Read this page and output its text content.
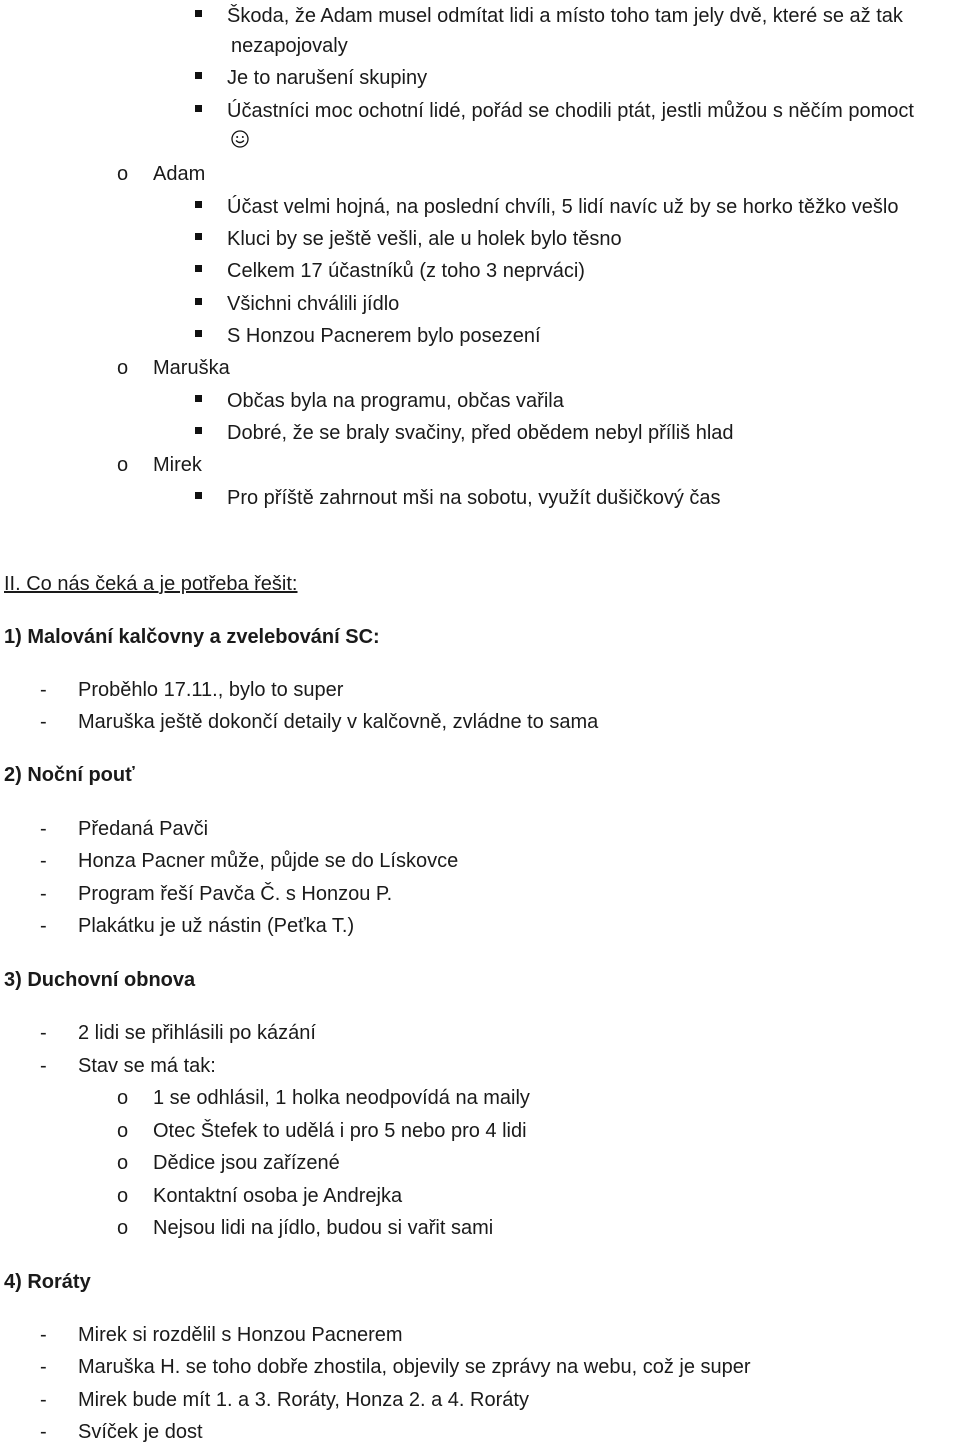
Škoda, že Adam musel odmítat lidi a místo toho tam jely dvě, které se až tak
nezapojovaly
Je to narušení skupiny
Účastníci moc ochotní lidé, pořád se chodili ptát, jestli můžou s něčím pomoct
o Adam
Účast velmi hojná, na poslední chvíli, 5 lidí navíc už by se horko těžko vešlo
Kluci by se ještě vešli, ale u holek bylo těsno
Celkem 17 účastníků (z toho 3 neprváci)
Všichni chválili jídlo
S Honzou Pacnerem bylo posezení
o Maruška
Občas byla na programu, občas vařila
Dobré, že se braly svačiny, před obědem nebyl příliš hlad
o Mirek
Pro příště zahrnout mši na sobotu, využít dušičkový čas
II. Co nás čeká a je potřeba řešit:
1) Malování kalčovny a zvelebování SC:
- Proběhlo 17.11., bylo to super
- Maruška ještě dokončí detaily v kalčovně, zvládne to sama
2) Noční pouť
- Předaná Pavči
- Honza Pacner může, půjde se do Lískovce
- Program řeší Pavča Č. s Honzou P.
- Plakátku je už nástin (Peťka T.)
3) Duchovní obnova
- 2 lidi se přihlásili po kázání
- Stav se má tak:
o 1 se odhlásil, 1 holka neodpovídá na maily
o Otec Štefek to udělá i pro 5 nebo pro 4 lidi
o Dědice jsou zařízené
o Kontaktní osoba je Andrejka
o Nejsou lidi na jídlo, budou si vařit sami
4) Roráty
- Mirek si rozdělil s Honzou Pacnerem
- Maruška H. se toho dobře zhostila, objevily se zprávy na webu, což je super
- Mirek bude mít 1. a 3. Roráty, Honza 2. a 4. Roráty
- Svíček je dost
